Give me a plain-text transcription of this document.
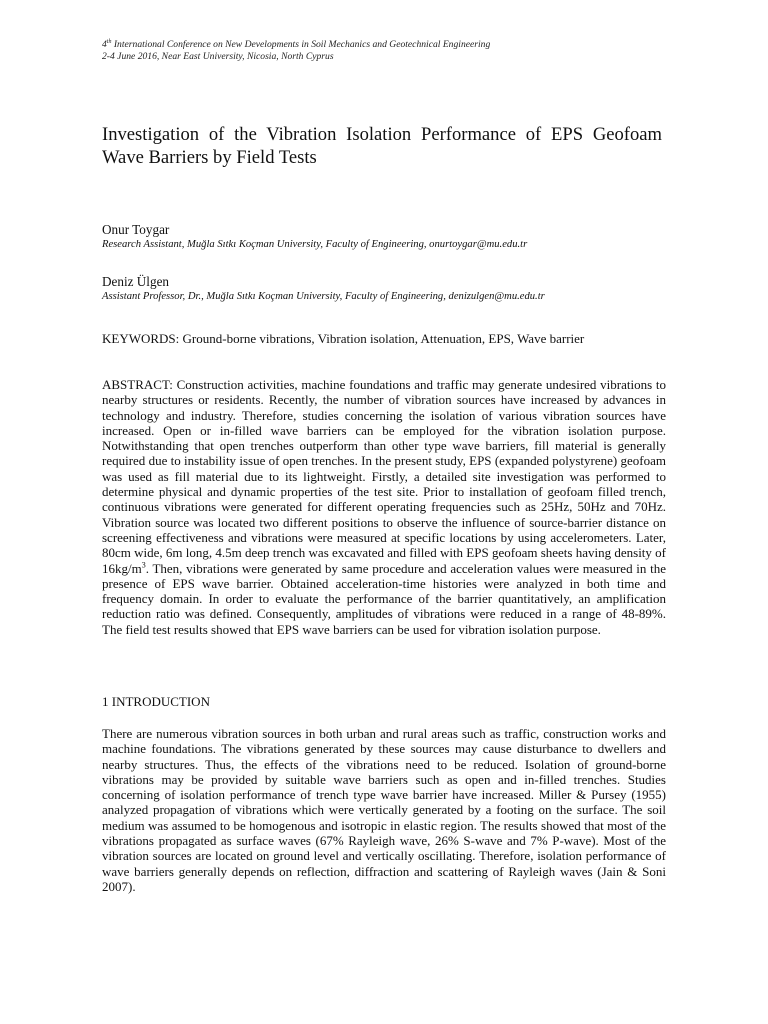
4th International Conference on New Developments in Soil Mechanics and Geotechnical Engineering
2-4 June 2016, Near East University, Nicosia, North Cyprus
Investigation of the Vibration Isolation Performance of EPS Geofoam Wave Barriers by Field Tests
Onur Toygar
Research Assistant, Muğla Sıtkı Koçman University, Faculty of Engineering, onurtoygar@mu.edu.tr
Deniz Ülgen
Assistant Professor, Dr., Muğla Sıtkı Koçman University, Faculty of Engineering, denizulgen@mu.edu.tr
KEYWORDS: Ground-borne vibrations, Vibration isolation, Attenuation, EPS, Wave barrier

ABSTRACT: Construction activities, machine foundations and traffic may generate undesired vibrations to nearby structures or residents. Recently, the number of vibration sources have increased by advances in technology and industry. Therefore, studies concerning the isolation of various vibration sources have increased. Open or in-filled wave barriers can be employed for the vibration isolation purpose. Notwithstanding that open trenches outperform than other type wave barriers, fill material is generally required due to instability issue of open trenches. In the present study, EPS (expanded polystyrene) geofoam was used as fill material due to its lightweight. Firstly, a detailed site investigation was performed to determine physical and dynamic properties of the test site. Prior to installation of geofoam filled trench, continuous vibrations were generated for different operating frequencies such as 25Hz, 50Hz and 70Hz. Vibration source was located two different positions to observe the influence of source-barrier distance on screening effectiveness and vibrations were measured at specific locations by using accelerometers. Later, 80cm wide, 6m long, 4.5m deep trench was excavated and filled with EPS geofoam sheets having density of $16kg/m^3$. Then, vibrations were generated by same procedure and acceleration values were measured in the presence of EPS wave barrier. Obtained acceleration-time histories were analyzed in both time and frequency domain. In order to evaluate the performance of the barrier quantitatively, an amplification reduction ratio was defined. Consequently, amplitudes of vibrations were reduced in a range of 48-89%. The field test results showed that EPS wave barriers can be used for vibration isolation purpose.

1 INTRODUCTION

There are numerous vibration sources in both urban and rural areas such as traffic, construction works and machine foundations. The vibrations generated by these sources may cause disturbance to dwellers and nearby structures. Thus, the effects of the vibrations need to be reduced. Isolation of ground-borne vibrations may be provided by suitable wave barriers such as open and in-filled trenches. Studies concerning of isolation performance of trench type wave barrier have increased. Miller & Pursey (1955) analyzed propagation of vibrations which were vertically generated by a footing on the surface. The soil medium was assumed to be homogenous and isotropic in elastic region. The results showed that most of the vibrations propagated as surface waves (67% Rayleigh wave, 26% S-wave and 7% P-wave). Most of the vibration sources are located on ground level and vertically oscillating. Therefore, isolation performance of wave barriers generally depends on reflection, diffraction and scattering of Rayleigh waves (Jain & Soni 2007).
